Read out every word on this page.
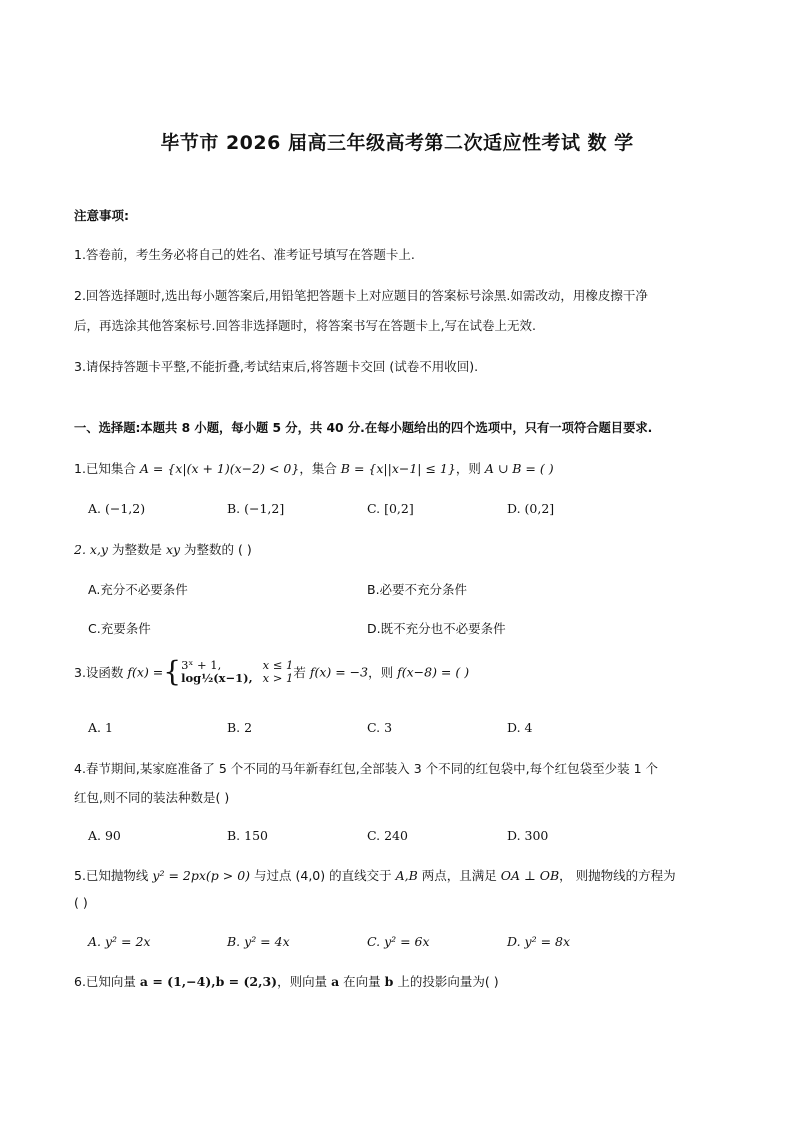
毕节市 2026 届高三年级高考第二次适应性考试 数 学
注意事项:
1.答卷前，考生务必将自己的姓名、准考证号填写在答题卡上.
2.回答选择题时,选出每小题答案后,用铅笔把答题卡上对应题目的答案标号涂黑.如需改动，用橡皮擦干净
后，再选涂其他答案标号.回答非选择题时，将答案书写在答题卡上,写在试卷上无效.
3.请保持答题卡平整,不能折叠,考试结束后,将答题卡交回 (试卷不用收回).
一、选择题:本题共 8 小题，每小题 5 分，共 40 分.在每小题给出的四个选项中，只有一项符合题目要求.
1.已知集合 A = {x|(x + 1)(x−2) < 0}，集合 B = {x||x−1| ≤ 1}，则 A ∪ B = ( )
A. (−1,2)	B. (−1,2]	C. [0,2]	D. (0,2]
2. x,y 为整数是 xy 为整数的 ( )
A.充分不必要条件	B.必要不充分条件
C.充要条件	D.既不充分也不必要条件
3.设函数 f(x) ={ 3ˣ + 1,
log½(x−1),
x ≤ 1
x > 1 若 f(x) = −3，则 f(x−8) = ( )
A. 1	B. 2	C. 3	D. 4
4.春节期间,某家庭准备了 5 个不同的马年新春红包,全部装入 3 个不同的红包袋中,每个红包袋至少装 1 个
红包,则不同的装法种数是( )
A. 90	B. 150	C. 240	D. 300
5.已知抛物线 y² = 2px(p > 0) 与过点 (4,0) 的直线交于 A,B 两点，且满足 OA ⊥ OB， 则抛物线的方程为
( )
A. y² = 2x	B. y² = 4x	C. y² = 6x	D. y² = 8x
6.已知向量 a = (1,−4),b = (2,3)，则向量 a 在向量 b 上的投影向量为( )
